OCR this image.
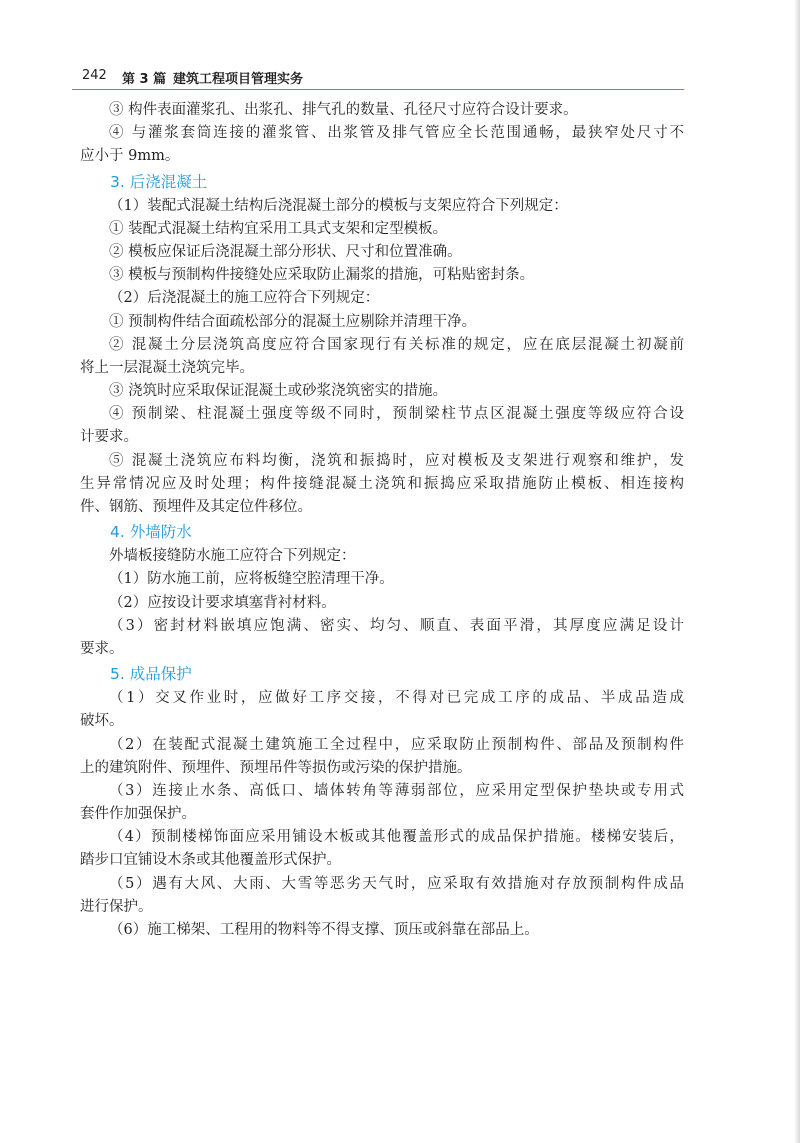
242 第 3 篇 建筑工程项目管理实务
③ 构件表面灌浆孔、出浆孔、排气孔的数量、孔径尺寸应符合设计要求。
④ 与灌浆套筒连接的灌浆管、出浆管及排气管应全长范围通畅，最狭窄处尺寸不
应小于 9mm。
3. 后浇混凝土
（1）装配式混凝土结构后浇混凝土部分的模板与支架应符合下列规定：
① 装配式混凝土结构宜采用工具式支架和定型模板。
② 模板应保证后浇混凝土部分形状、尺寸和位置准确。
③ 模板与预制构件接缝处应采取防止漏浆的措施，可粘贴密封条。
（2）后浇混凝土的施工应符合下列规定：
① 预制构件结合面疏松部分的混凝土应剔除并清理干净。
② 混凝土分层浇筑高度应符合国家现行有关标准的规定，应在底层混凝土初凝前
将上一层混凝土浇筑完毕。
③ 浇筑时应采取保证混凝土或砂浆浇筑密实的措施。
④ 预制梁、柱混凝土强度等级不同时，预制梁柱节点区混凝土强度等级应符合设
计要求。
⑤ 混凝土浇筑应布料均衡，浇筑和振捣时，应对模板及支架进行观察和维护，发
生异常情况应及时处理；构件接缝混凝土浇筑和振捣应采取措施防止模板、相连接构
件、钢筋、预埋件及其定位件移位。
4. 外墙防水
外墙板接缝防水施工应符合下列规定：
（1）防水施工前，应将板缝空腔清理干净。
（2）应按设计要求填塞背衬材料。
（3）密封材料嵌填应饱满、密实、均匀、顺直、表面平滑，其厚度应满足设计
要求。
5. 成品保护
（1）交叉作业时，应做好工序交接，不得对已完成工序的成品、半成品造成
破坏。
（2）在装配式混凝土建筑施工全过程中，应采取防止预制构件、部品及预制构件
上的建筑附件、预埋件、预埋吊件等损伤或污染的保护措施。
（3）连接止水条、高低口、墙体转角等薄弱部位，应采用定型保护垫块或专用式
套件作加强保护。
（4）预制楼梯饰面应采用铺设木板或其他覆盖形式的成品保护措施。楼梯安装后，
踏步口宜铺设木条或其他覆盖形式保护。
（5）遇有大风、大雨、大雪等恶劣天气时，应采取有效措施对存放预制构件成品
进行保护。
（6）施工梯架、工程用的物料等不得支撑、顶压或斜靠在部品上。
